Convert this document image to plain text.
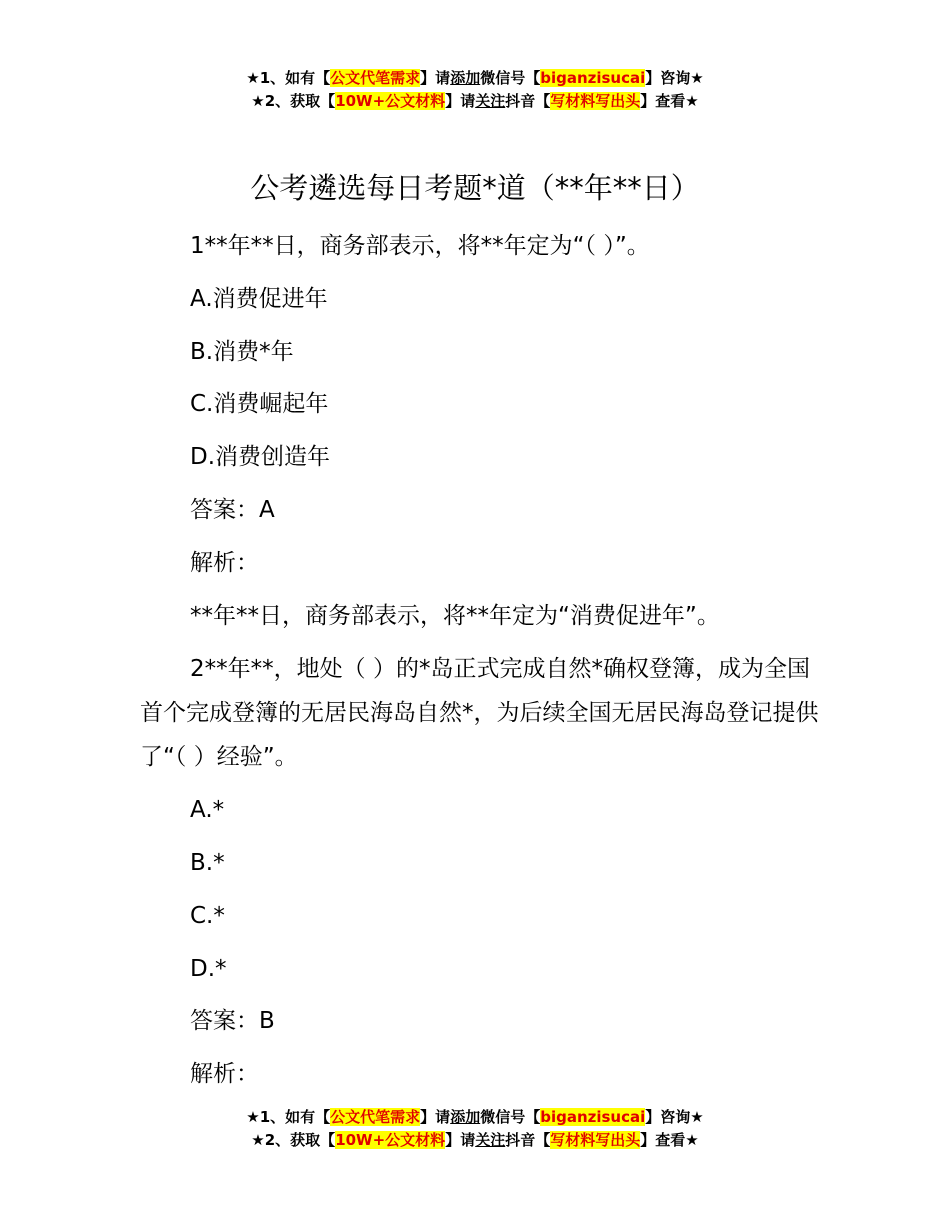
★1、如有【公文代笔需求】请添加微信号【biganzisucai】咨询★
★2、获取【10W+公文材料】请关注抖音【写材料写出头】查看★
公考遴选每日考题*道（**年**日）

1**年**日，商务部表示，将**年定为“（ ）”。

A.消费促进年

B.消费*年

C.消费崛起年

D.消费创造年

答案：A

解析：

**年**日，商务部表示，将**年定为“消费促进年”。

2**年**，地处（ ）的*岛正式完成自然*确权登簿，成为全国首个完成登簿的无居民海岛自然*，为后续全国无居民海岛登记提供了“（ ）经验”。

A.*

B.*

C.*

D.*

答案：B

解析：

★1、如有【公文代笔需求】请添加微信号【biganzisucai】咨询★
★2、获取【10W+公文材料】请关注抖音【写材料写出头】查看★
